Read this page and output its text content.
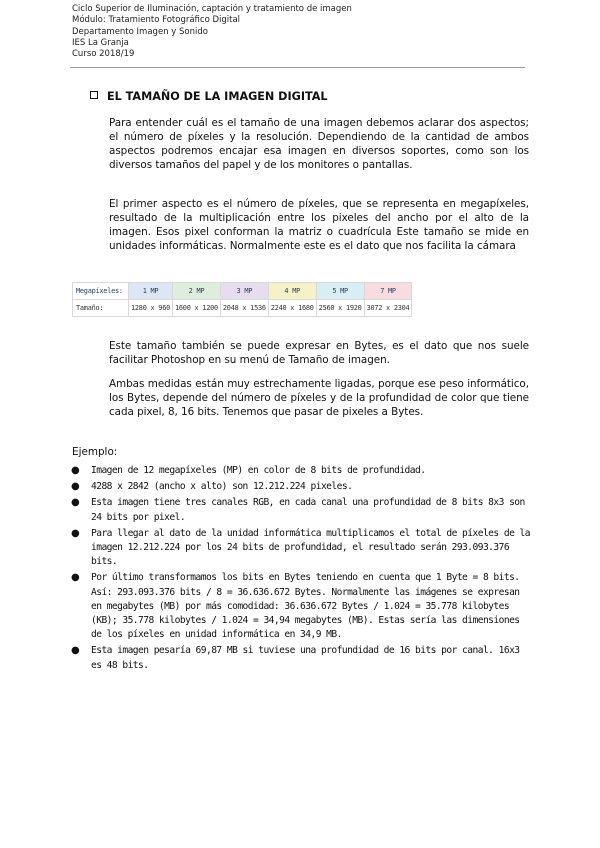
Ciclo Superior de Iluminación, captación y tratamiento de imagen
Módulo: Tratamiento Fotográfico Digital
Departamento Imagen y Sonido
IES La Granja
Curso 2018/19
EL TAMAÑO DE LA IMAGEN DIGITAL
Para entender cuál es el tamaño de una imagen debemos aclarar dos aspectos; el número de píxeles y la resolución. Dependiendo de la cantidad de ambos aspectos podremos encajar esa imagen en diversos soportes, como son los diversos tamaños del papel y de los monitores o pantallas.
El primer aspecto es el número de píxeles, que se representa en megapíxeles, resultado de la multiplicación entre los pixeles del ancho por el alto de la imagen. Esos pixel conforman la matriz o cuadrícula Este tamaño se mide en unidades informáticas. Normalmente este es el dato que nos facilita la cámara
Megapíxeles:	1 MP	2 MP	3 MP	4 MP	5 MP	7 MP
Tamaño:	1280 x 960	1600 x 1200	2048 x 1536	2240 x 1680	2560 x 1920	3072 x 2304
Este tamaño también se puede expresar en Bytes, es el dato que nos suele facilitar Photoshop en su menú de Tamaño de imagen.
Ambas medidas están muy estrechamente ligadas, porque ese peso informático, los Bytes, depende del número de píxeles y de la profundidad de color que tiene cada pixel, 8, 16 bits. Tenemos que pasar de pixeles a Bytes.
Ejemplo:
●	Imagen de 12 megapíxeles (MP) en color de 8 bits de profundidad.
●	4288 x 2842 (ancho x alto) son 12.212.224 pixeles.
●	Esta imagen tiene tres canales RGB, en cada canal una profundidad de 8 bits 8x3 son 24 bits por pixel.
●	Para llegar al dato de la unidad informática multiplicamos el total de píxeles de la imagen 12.212.224 por los 24 bits de profundidad, el resultado serán 293.093.376 bits.
●	Por último transformamos los bits en Bytes teniendo en cuenta que 1 Byte = 8 bits. Así: 293.093.376 bits / 8 = 36.636.672 Bytes. Normalmente las imágenes se expresan en megabytes (MB) por más comodidad: 36.636.672 Bytes / 1.024 = 35.778 kilobytes (KB); 35.778 kilobytes / 1.024 = 34,94 megabytes (MB). Estas sería las dimensiones de los píxeles en unidad informática en 34,9 MB.
●	Esta imagen pesaría 69,87 MB si tuviese una profundidad de 16 bits por canal. 16x3 es 48 bits.
